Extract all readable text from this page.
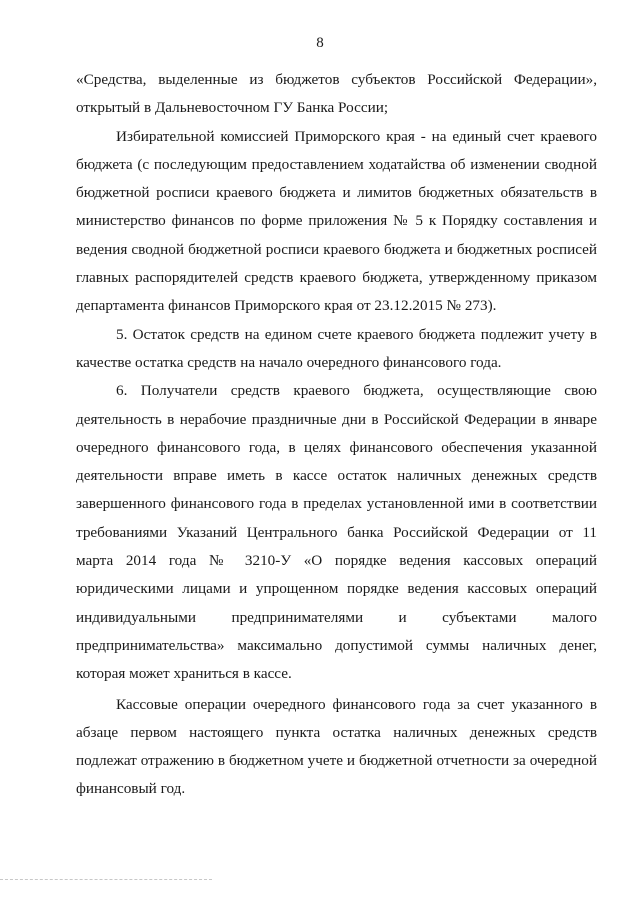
8

«Средства, выделенные из бюджетов субъектов Российской Федерации», открытый в Дальневосточном ГУ Банка России;

Избирательной комиссией Приморского края - на единый счет краевого бюджета (с последующим предоставлением ходатайства об изменении сводной бюджетной росписи краевого бюджета и лимитов бюджетных обязательств в министерство финансов по форме приложения № 5 к Порядку составления и ведения сводной бюджетной росписи краевого бюджета и бюджетных росписей главных распорядителей средств краевого бюджета, утвержденному приказом департамента финансов Приморского края от 23.12.2015 № 273).

5. Остаток средств на едином счете краевого бюджета подлежит учету в качестве остатка средств на начало очередного финансового года.

6. Получатели средств краевого бюджета, осуществляющие свою деятельность в нерабочие праздничные дни в Российской Федерации в январе очередного финансового года, в целях финансового обеспечения указанной деятельности вправе иметь в кассе остаток наличных денежных средств завершенного финансового года в пределах установленной ими в соответствии требованиями Указаний Центрального банка Российской Федерации от 11 марта 2014 года № 3210-У «О порядке ведения кассовых операций юридическими лицами и упрощенном порядке ведения кассовых операций индивидуальными предпринимателями и субъектами малого предпринимательства» максимально допустимой суммы наличных денег, которая может храниться в кассе.

Кассовые операции очередного финансового года за счет указанного в абзаце первом настоящего пункта остатка наличных денежных средств подлежат отражению в бюджетном учете и бюджетной отчетности за очередной финансовый год.
